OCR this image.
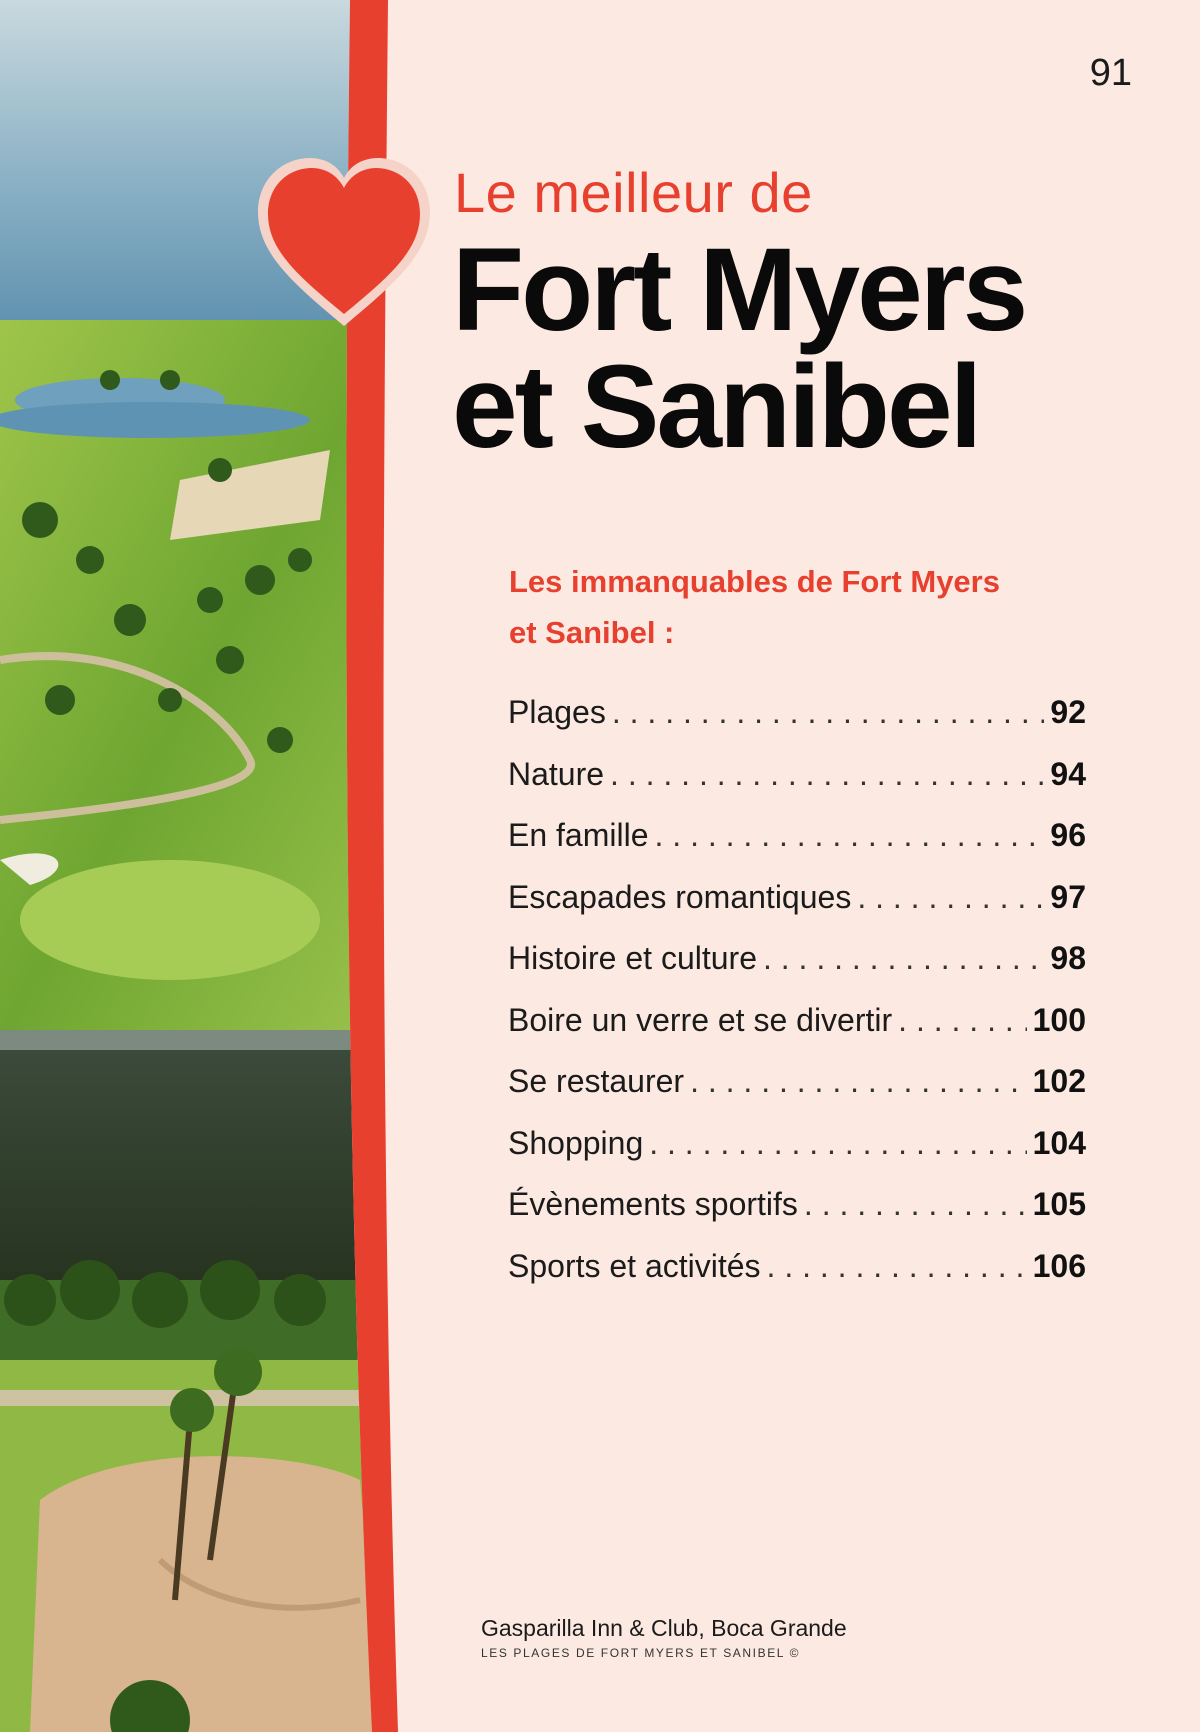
91
Le meilleur de
Fort Myers
et Sanibel
Les immanquables de Fort Myers
et Sanibel :
Plages . . .	92
Nature . . .	94
En famille . . .	96
Escapades romantiques . . .	97
Histoire et culture . . .	98
Boire un verre et se divertir . . .	100
Se restaurer . . .	102
Shopping . . .	104
Évènements sportifs . . .	105
Sports et activités . . .	106
Gasparilla Inn & Club, Boca Grande
LES PLAGES DE FORT MYERS ET SANIBEL ©
